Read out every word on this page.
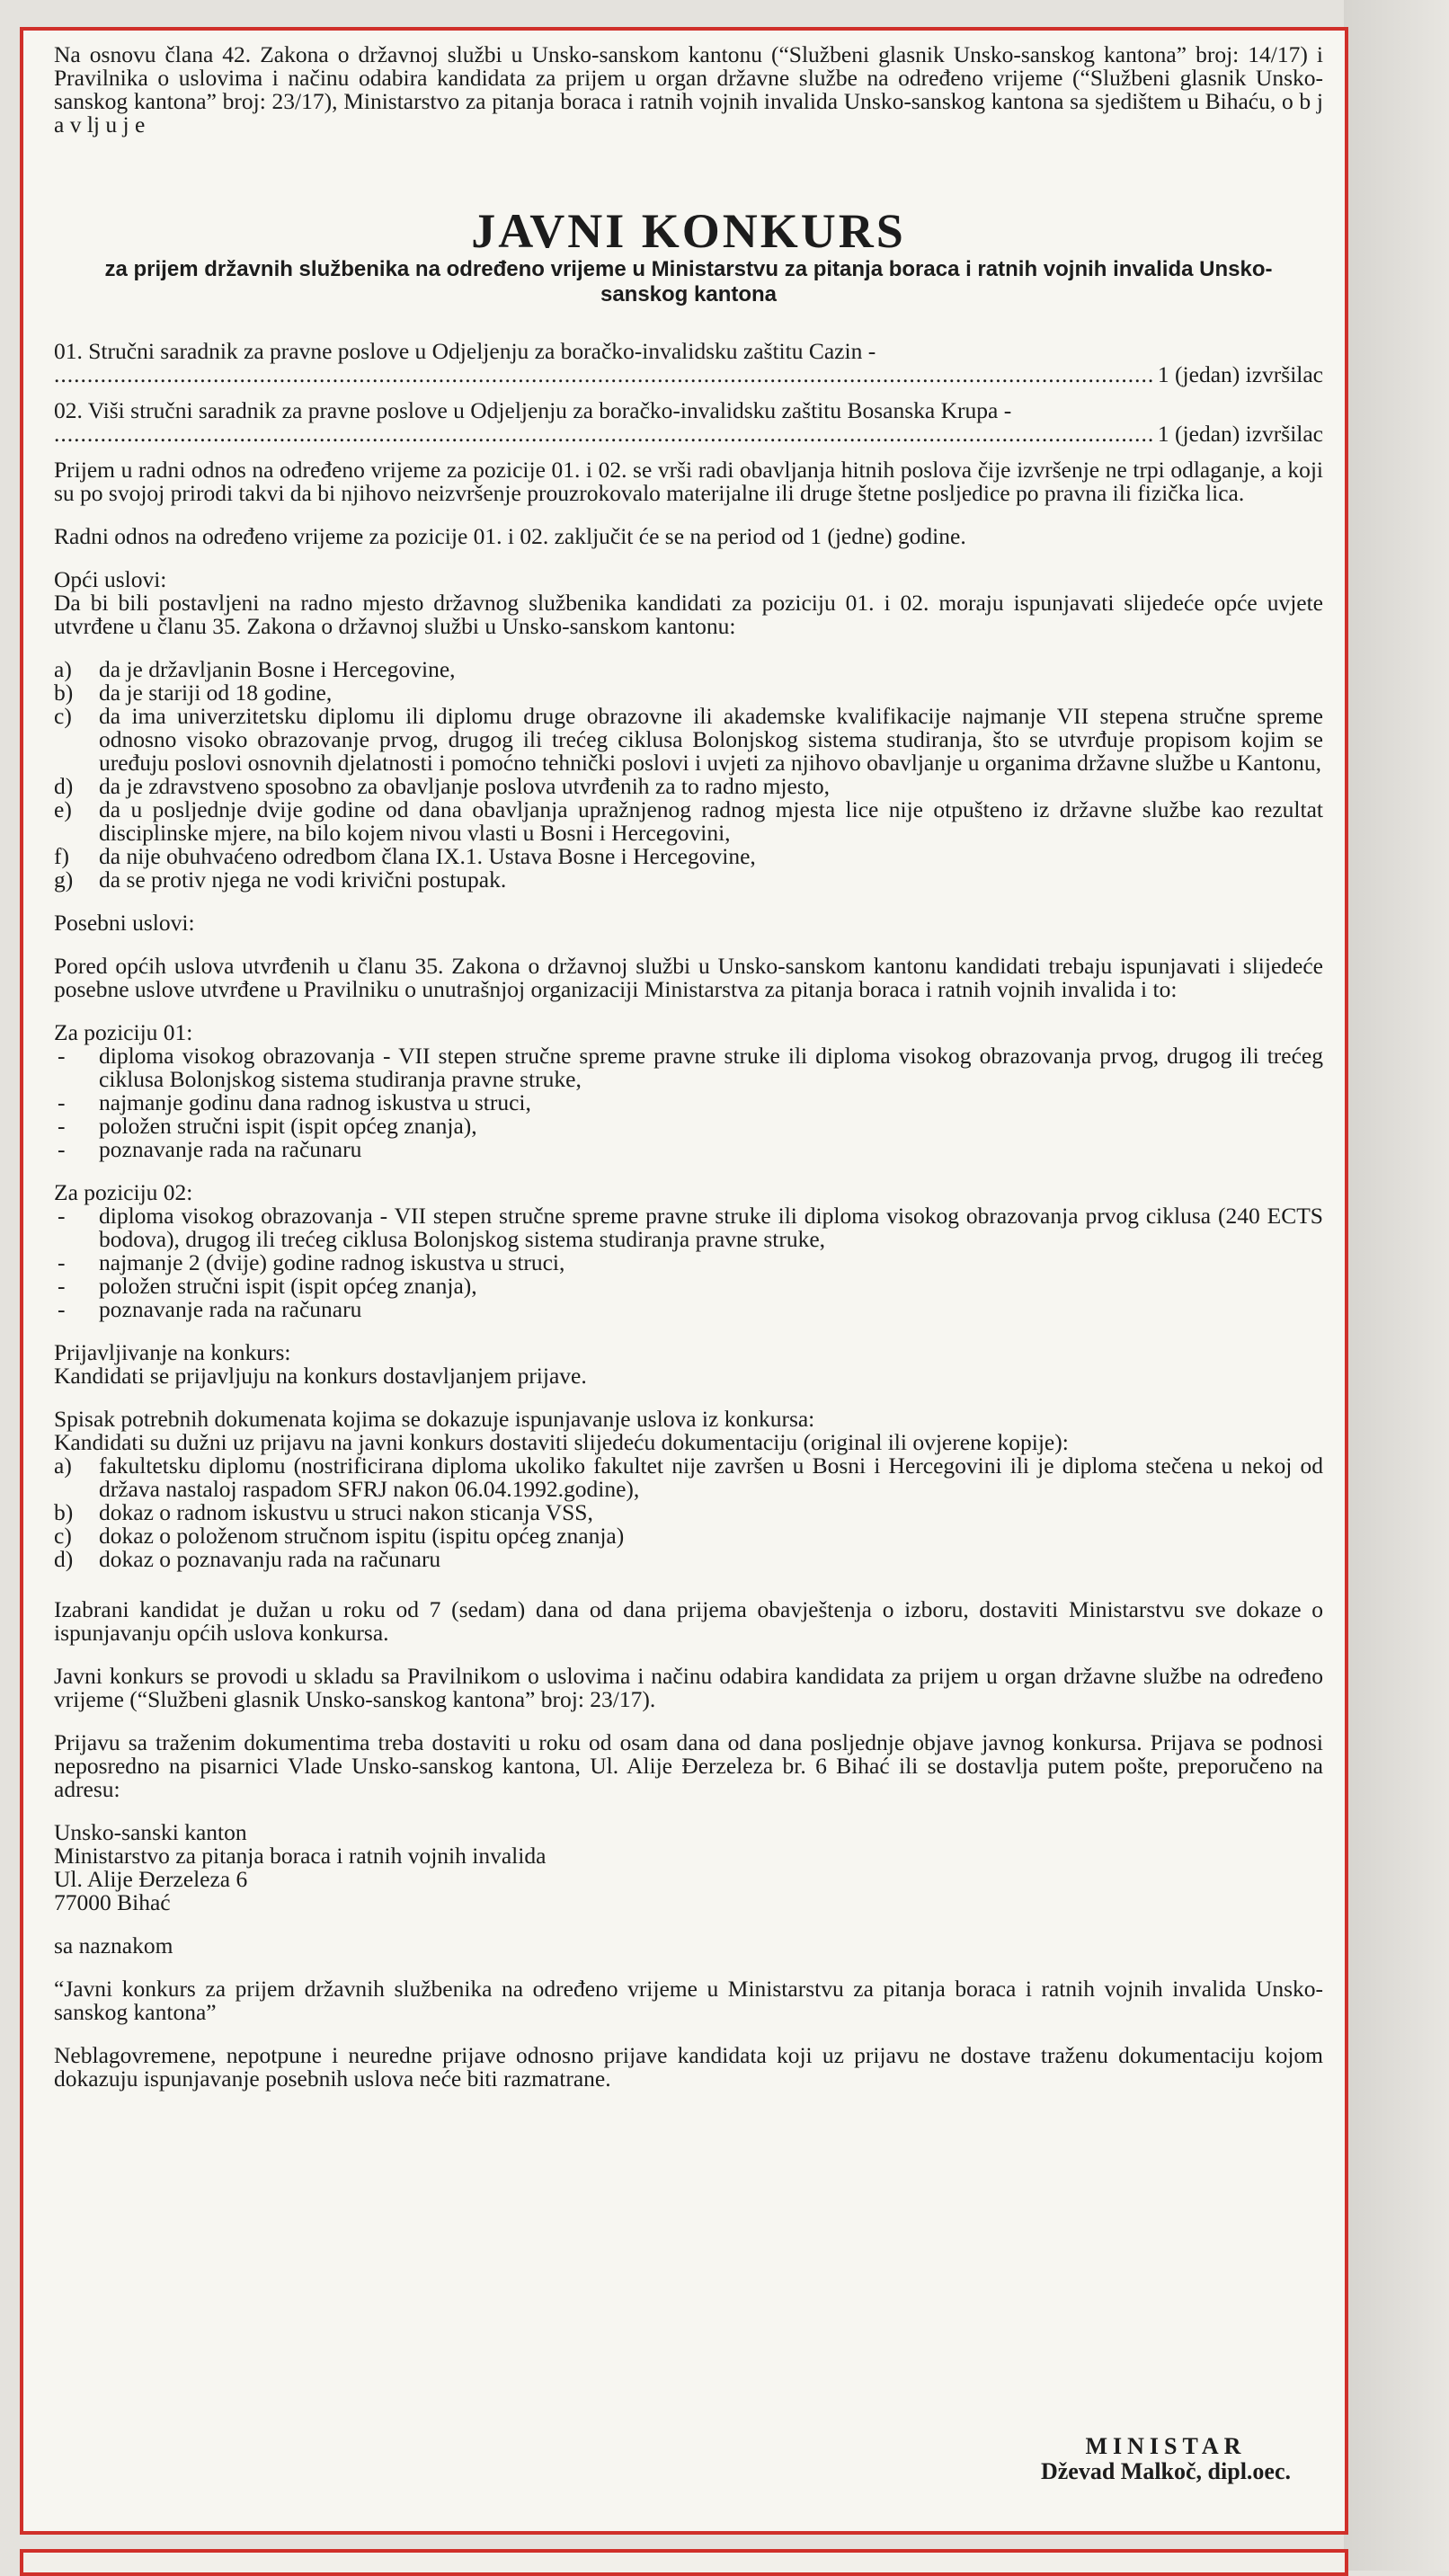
Na osnovu člana 42. Zakona o državnoj službi u Unsko-sanskom kantonu (“Službeni glasnik Unsko-sanskog kantona” broj: 14/17) i Pravilnika o uslovima i načinu odabira kandidata za prijem u organ državne službe na određeno vrijeme (“Službeni glasnik Unsko-sanskog kantona” broj: 23/17), Ministarstvo za pitanja boraca i ratnih vojnih invalida Unsko-sanskog kantona sa sjedištem u Bihaću, o b j a v lj u j e

JAVNI KONKURS
za prijem državnih službenika na određeno vrijeme u Ministarstvu za pitanja boraca i ratnih vojnih invalida Unsko-sanskog kantona
01. Stručni saradnik za pravne poslove u Odjeljenju za boračko-invalidsku zaštitu Cazin -
.....
1 (jedan) izvršilac
02. Viši stručni saradnik za pravne poslove u Odjeljenju za boračko-invalidsku zaštitu Bosanska Krupa -
.....
1 (jedan) izvršilac

Prijem u radni odnos na određeno vrijeme za pozicije 01. i 02. se vrši radi obavljanja hitnih poslova čije izvršenje ne trpi odlaganje, a koji su po svojoj prirodi takvi da bi njihovo neizvršenje prouzrokovalo materijalne ili druge štetne posljedice po pravna ili fizička lica.

Radni odnos na određeno vrijeme za pozicije 01. i 02. zaključit će se na period od 1 (jedne) godine.

Opći uslovi:

Da bi bili postavljeni na radno mjesto državnog službenika kandidati za poziciju 01. i 02. moraju ispunjavati slijedeće opće uvjete utvrđene u članu 35. Zakona o državnoj službi u Unsko-sanskom kantonu:

a)	da je državljanin Bosne i Hercegovine,
b)	da je stariji od 18 godine,
c)	da ima univerzitetsku diplomu ili diplomu druge obrazovne ili akademske kvalifikacije najmanje VII stepena stručne spreme odnosno visoko obrazovanje prvog, drugog ili trećeg ciklusa Bolonjskog sistema studiranja, što se utvrđuje propisom kojim se uređuju poslovi osnovnih djelatnosti i pomoćno tehnički poslovi i uvjeti za njihovo obavljanje u organima državne službe u Kantonu,
d)	da je zdravstveno sposobno za obavljanje poslova utvrđenih za to radno mjesto,
e)	da u posljednje dvije godine od dana obavljanja upražnjenog radnog mjesta lice nije otpušteno iz državne službe kao rezultat disciplinske mjere, na bilo kojem nivou vlasti u Bosni i Hercegovini,
f)	da nije obuhvaćeno odredbom člana IX.1. Ustava Bosne i Hercegovine,
g)	da se protiv njega ne vodi krivični postupak.

Posebni uslovi:

Pored općih uslova utvrđenih u članu 35. Zakona o državnoj službi u Unsko-sanskom kantonu kandidati trebaju ispunjavati i slijedeće posebne uslove utvrđene u Pravilniku o unutrašnjoj organizaciji Ministarstva za pitanja boraca i ratnih vojnih invalida i to:

Za poziciju 01:
-	diploma visokog obrazovanja - VII stepen stručne spreme pravne struke ili diploma visokog obrazovanja prvog, drugog ili trećeg ciklusa Bolonjskog sistema studiranja pravne struke,
-	najmanje godinu dana radnog iskustva u struci,
-	položen stručni ispit (ispit općeg znanja),
-	poznavanje rada na računaru
Za poziciju 02:
-	diploma visokog obrazovanja - VII stepen stručne spreme pravne struke ili diploma visokog obrazovanja prvog ciklusa (240 ECTS bodova), drugog ili trećeg ciklusa Bolonjskog sistema studiranja pravne struke,
-	najmanje 2 (dvije) godine radnog iskustva u struci,
-	položen stručni ispit (ispit općeg znanja),
-	poznavanje rada na računaru
Prijavljivanje na konkurs:
Kandidati se prijavljuju na konkurs dostavljanjem prijave.
Spisak potrebnih dokumenata kojima se dokazuje ispunjavanje uslova iz konkursa:
Kandidati su dužni uz prijavu na javni konkurs dostaviti slijedeću dokumentaciju (original ili ovjerene kopije):
a)	fakultetsku diplomu (nostrificirana diploma ukoliko fakultet nije završen u Bosni i Hercegovini ili je diploma stečena u nekoj od država nastaloj raspadom SFRJ nakon 06.04.1992.godine),
b)	dokaz o radnom iskustvu u struci nakon sticanja VSS,
c)	dokaz o položenom stručnom ispitu (ispitu općeg znanja)
d)	dokaz o poznavanju rada na računaru

Izabrani kandidat je dužan u roku od 7 (sedam) dana od dana prijema obavještenja o izboru, dostaviti Ministarstvu sve dokaze o ispunjavanju općih uslova konkursa.

Javni konkurs se provodi u skladu sa Pravilnikom o uslovima i načinu odabira kandidata za prijem u organ državne službe na određeno vrijeme (“Službeni glasnik Unsko-sanskog kantona” broj: 23/17).

Prijavu sa traženim dokumentima treba dostaviti u roku od osam dana od dana posljednje objave javnog konkursa. Prijava se podnosi neposredno na pisarnici Vlade Unsko-sanskog kantona, Ul. Alije Đerzeleza br. 6 Bihać ili se dostavlja putem pošte, preporučeno na adresu:

Unsko-sanski kanton
Ministarstvo za pitanja boraca i ratnih vojnih invalida
Ul. Alije Đerzeleza 6
77000 Bihać

sa naznakom

“Javni konkurs za prijem državnih službenika na određeno vrijeme u Ministarstvu za pitanja boraca i ratnih vojnih invalida Unsko-sanskog kantona”

Neblagovremene, nepotpune i neuredne prijave odnosno prijave kandidata koji uz prijavu ne dostave traženu dokumentaciju kojom dokazuju ispunjavanje posebnih uslova neće biti razmatrane.

MINISTAR
Dževad Malkoč, dipl.oec.
